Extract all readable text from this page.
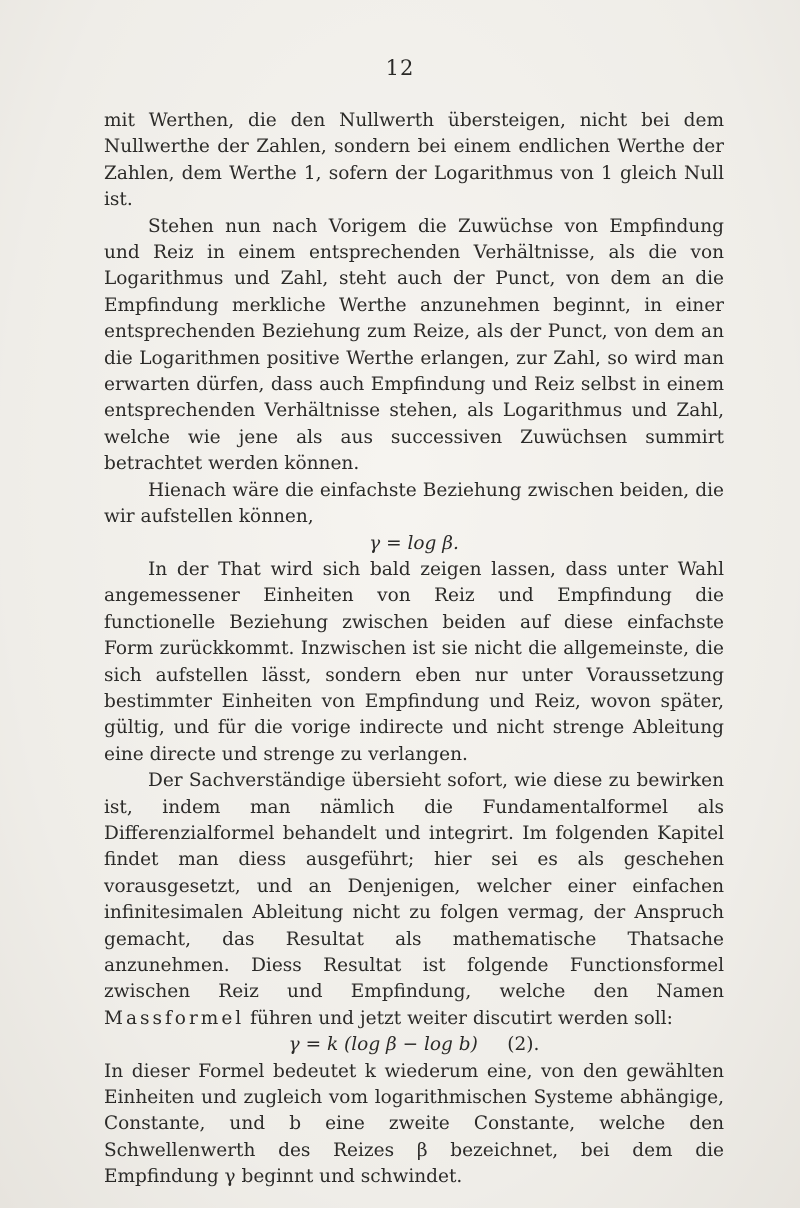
12

mit Werthen, die den Nullwerth übersteigen, nicht bei dem Nullwerthe der Zahlen, sondern bei einem endlichen Werthe der Zahlen, dem Werthe 1, sofern der Logarithmus von 1 gleich Null ist.

Stehen nun nach Vorigem die Zuwüchse von Empfindung und Reiz in einem entsprechenden Verhältnisse, als die von Logarithmus und Zahl, steht auch der Punct, von dem an die Empfindung merkliche Werthe anzunehmen beginnt, in einer entsprechenden Beziehung zum Reize, als der Punct, von dem an die Logarithmen positive Werthe erlangen, zur Zahl, so wird man erwarten dürfen, dass auch Empfindung und Reiz selbst in einem entsprechenden Verhältnisse stehen, als Logarithmus und Zahl, welche wie jene als aus successiven Zuwüchsen summirt betrachtet werden können.

Hienach wäre die einfachste Beziehung zwischen beiden, die wir aufstellen können,

γ = log β.

In der That wird sich bald zeigen lassen, dass unter Wahl angemessener Einheiten von Reiz und Empfindung die functionelle Beziehung zwischen beiden auf diese einfachste Form zurückkommt. Inzwischen ist sie nicht die allgemeinste, die sich aufstellen lässt, sondern eben nur unter Voraussetzung bestimmter Einheiten von Empfindung und Reiz, wovon später, gültig, und für die vorige indirecte und nicht strenge Ableitung eine directe und strenge zu verlangen.

Der Sachverständige übersieht sofort, wie diese zu bewirken ist, indem man nämlich die Fundamentalformel als Differenzialformel behandelt und integrirt. Im folgenden Kapitel findet man diess ausgeführt; hier sei es als geschehen vorausgesetzt, und an Denjenigen, welcher einer einfachen infinitesimalen Ableitung nicht zu folgen vermag, der Anspruch gemacht, das Resultat als mathematische Thatsache anzunehmen. Diess Resultat ist folgende Functionsformel zwischen Reiz und Empfindung, welche den Namen Massformel führen und jetzt weiter discutirt werden soll:

γ = k (log β − log b) (2).

In dieser Formel bedeutet k wiederum eine, von den gewählten Einheiten und zugleich vom logarithmischen Systeme abhängige, Constante, und b eine zweite Constante, welche den Schwellenwerth des Reizes β bezeichnet, bei dem die Empfindung γ beginnt und schwindet.
